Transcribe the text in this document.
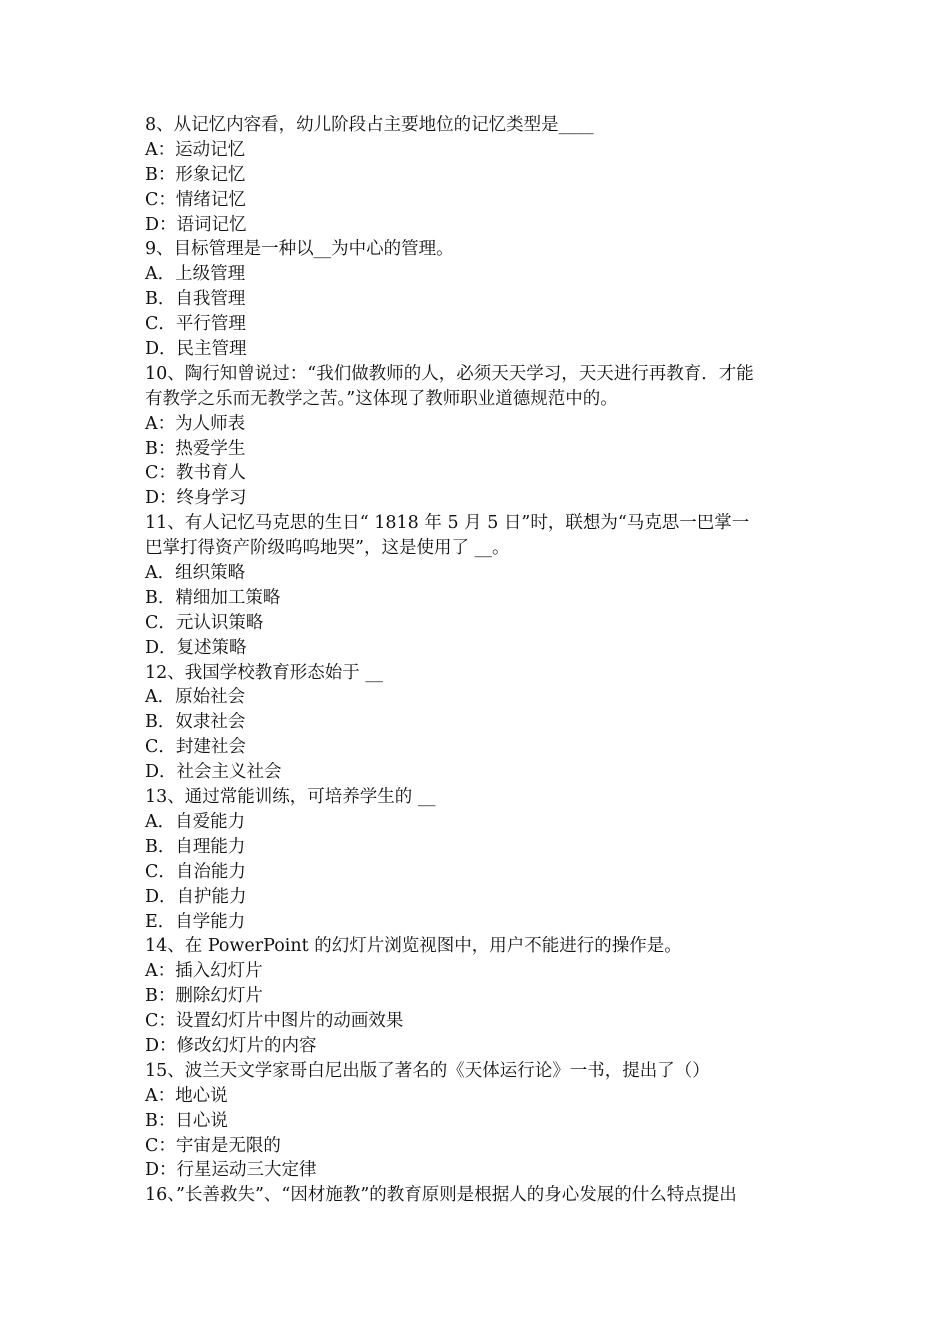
8、从记忆内容看，幼儿阶段占主要地位的记忆类型是____
A：运动记忆
B：形象记忆
C：情绪记忆
D：语词记忆
9、目标管理是一种以__为中心的管理。
A．上级管理
B．自我管理
C．平行管理
D．民主管理
10、陶行知曾说过：“我们做教师的人，必须天天学习，天天进行再教育．才能
有教学之乐而无教学之苦。”这体现了教师职业道德规范中的。
A：为人师表
B：热爱学生
C：教书育人
D：终身学习
11、有人记忆马克思的生日“ 1818 年 5 月 5 日”时，联想为“马克思一巴掌一
巴掌打得资产阶级呜呜地哭”，这是使用了 __。
A．组织策略
B．精细加工策略
C．元认识策略
D．复述策略
12、我国学校教育形态始于 __
A．原始社会
B．奴隶社会
C．封建社会
D．社会主义社会
13、通过常能训练，可培养学生的 __
A．自爱能力
B．自理能力
C．自治能力
D．自护能力
E．自学能力
14、在 PowerPoint 的幻灯片浏览视图中，用户不能进行的操作是。
A：插入幻灯片
B：删除幻灯片
C：设置幻灯片中图片的动画效果
D：修改幻灯片的内容
15、波兰天文学家哥白尼出版了著名的《天体运行论》一书，提出了（）
A：地心说
B：日心说
C：宇宙是无限的
D：行星运动三大定律
16、”长善救失”、“因材施教”的教育原则是根据人的身心发展的什么特点提出
